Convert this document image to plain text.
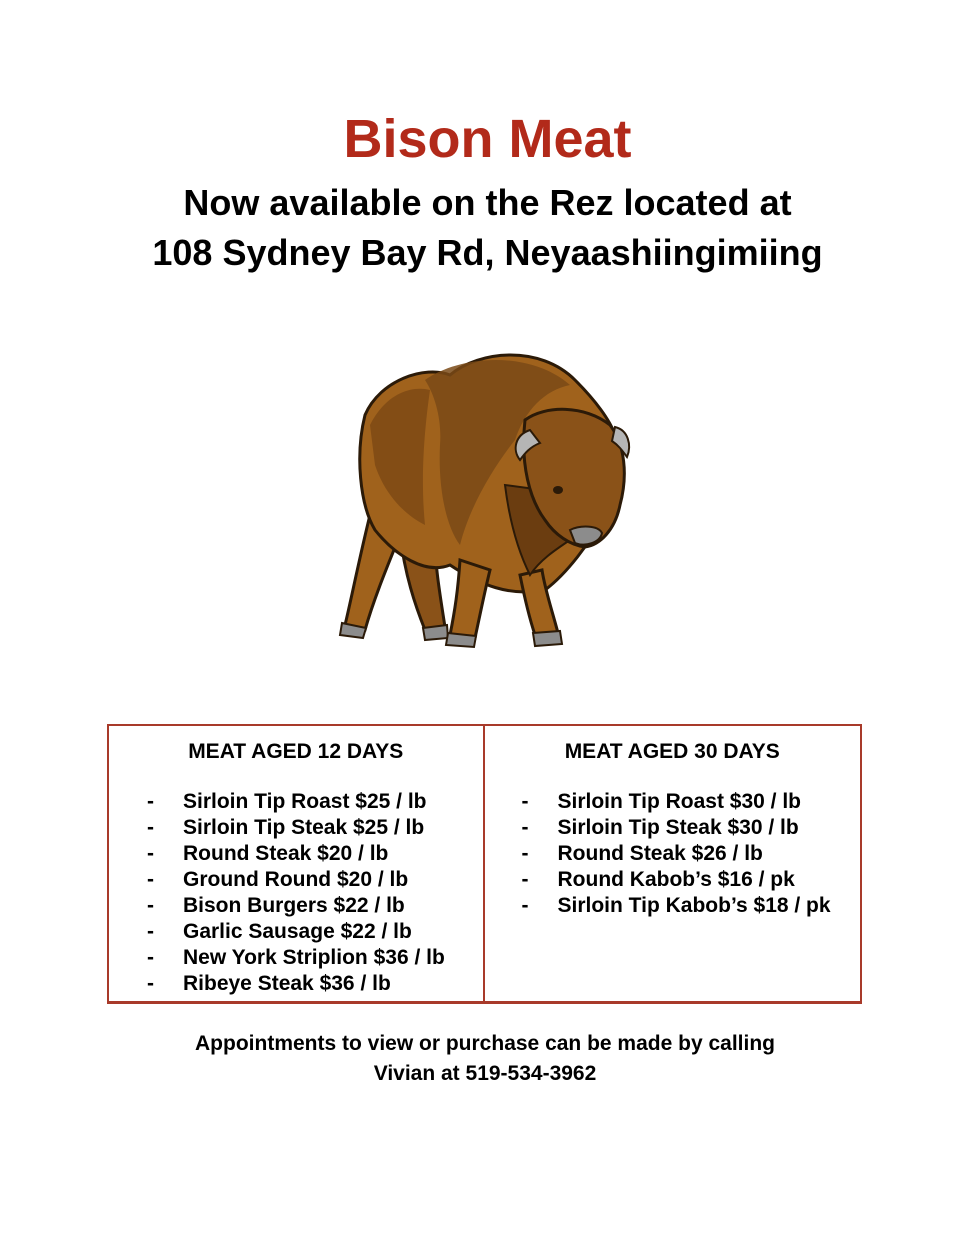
Bison Meat
Now available on the Rez located at
108 Sydney Bay Rd, Neyaashiingimiing
MEAT AGED 12 DAYS
-	Sirloin Tip Roast $25 / lb
-	Sirloin Tip Steak $25 / lb
-	Round Steak $20 / lb
-	Ground Round $20 / lb
-	Bison Burgers $22 / lb
-	Garlic Sausage $22 / lb
-	New York Striplion $36 / lb
-	Ribeye Steak $36 / lb
MEAT AGED 30 DAYS
-	Sirloin Tip Roast $30 / lb
-	Sirloin Tip Steak $30 / lb
-	Round Steak $26 / lb
-	Round Kabob’s $16 / pk
-	Sirloin Tip Kabob’s $18 / pk
Appointments to view or purchase can be made by calling
Vivian at 519-534-3962
